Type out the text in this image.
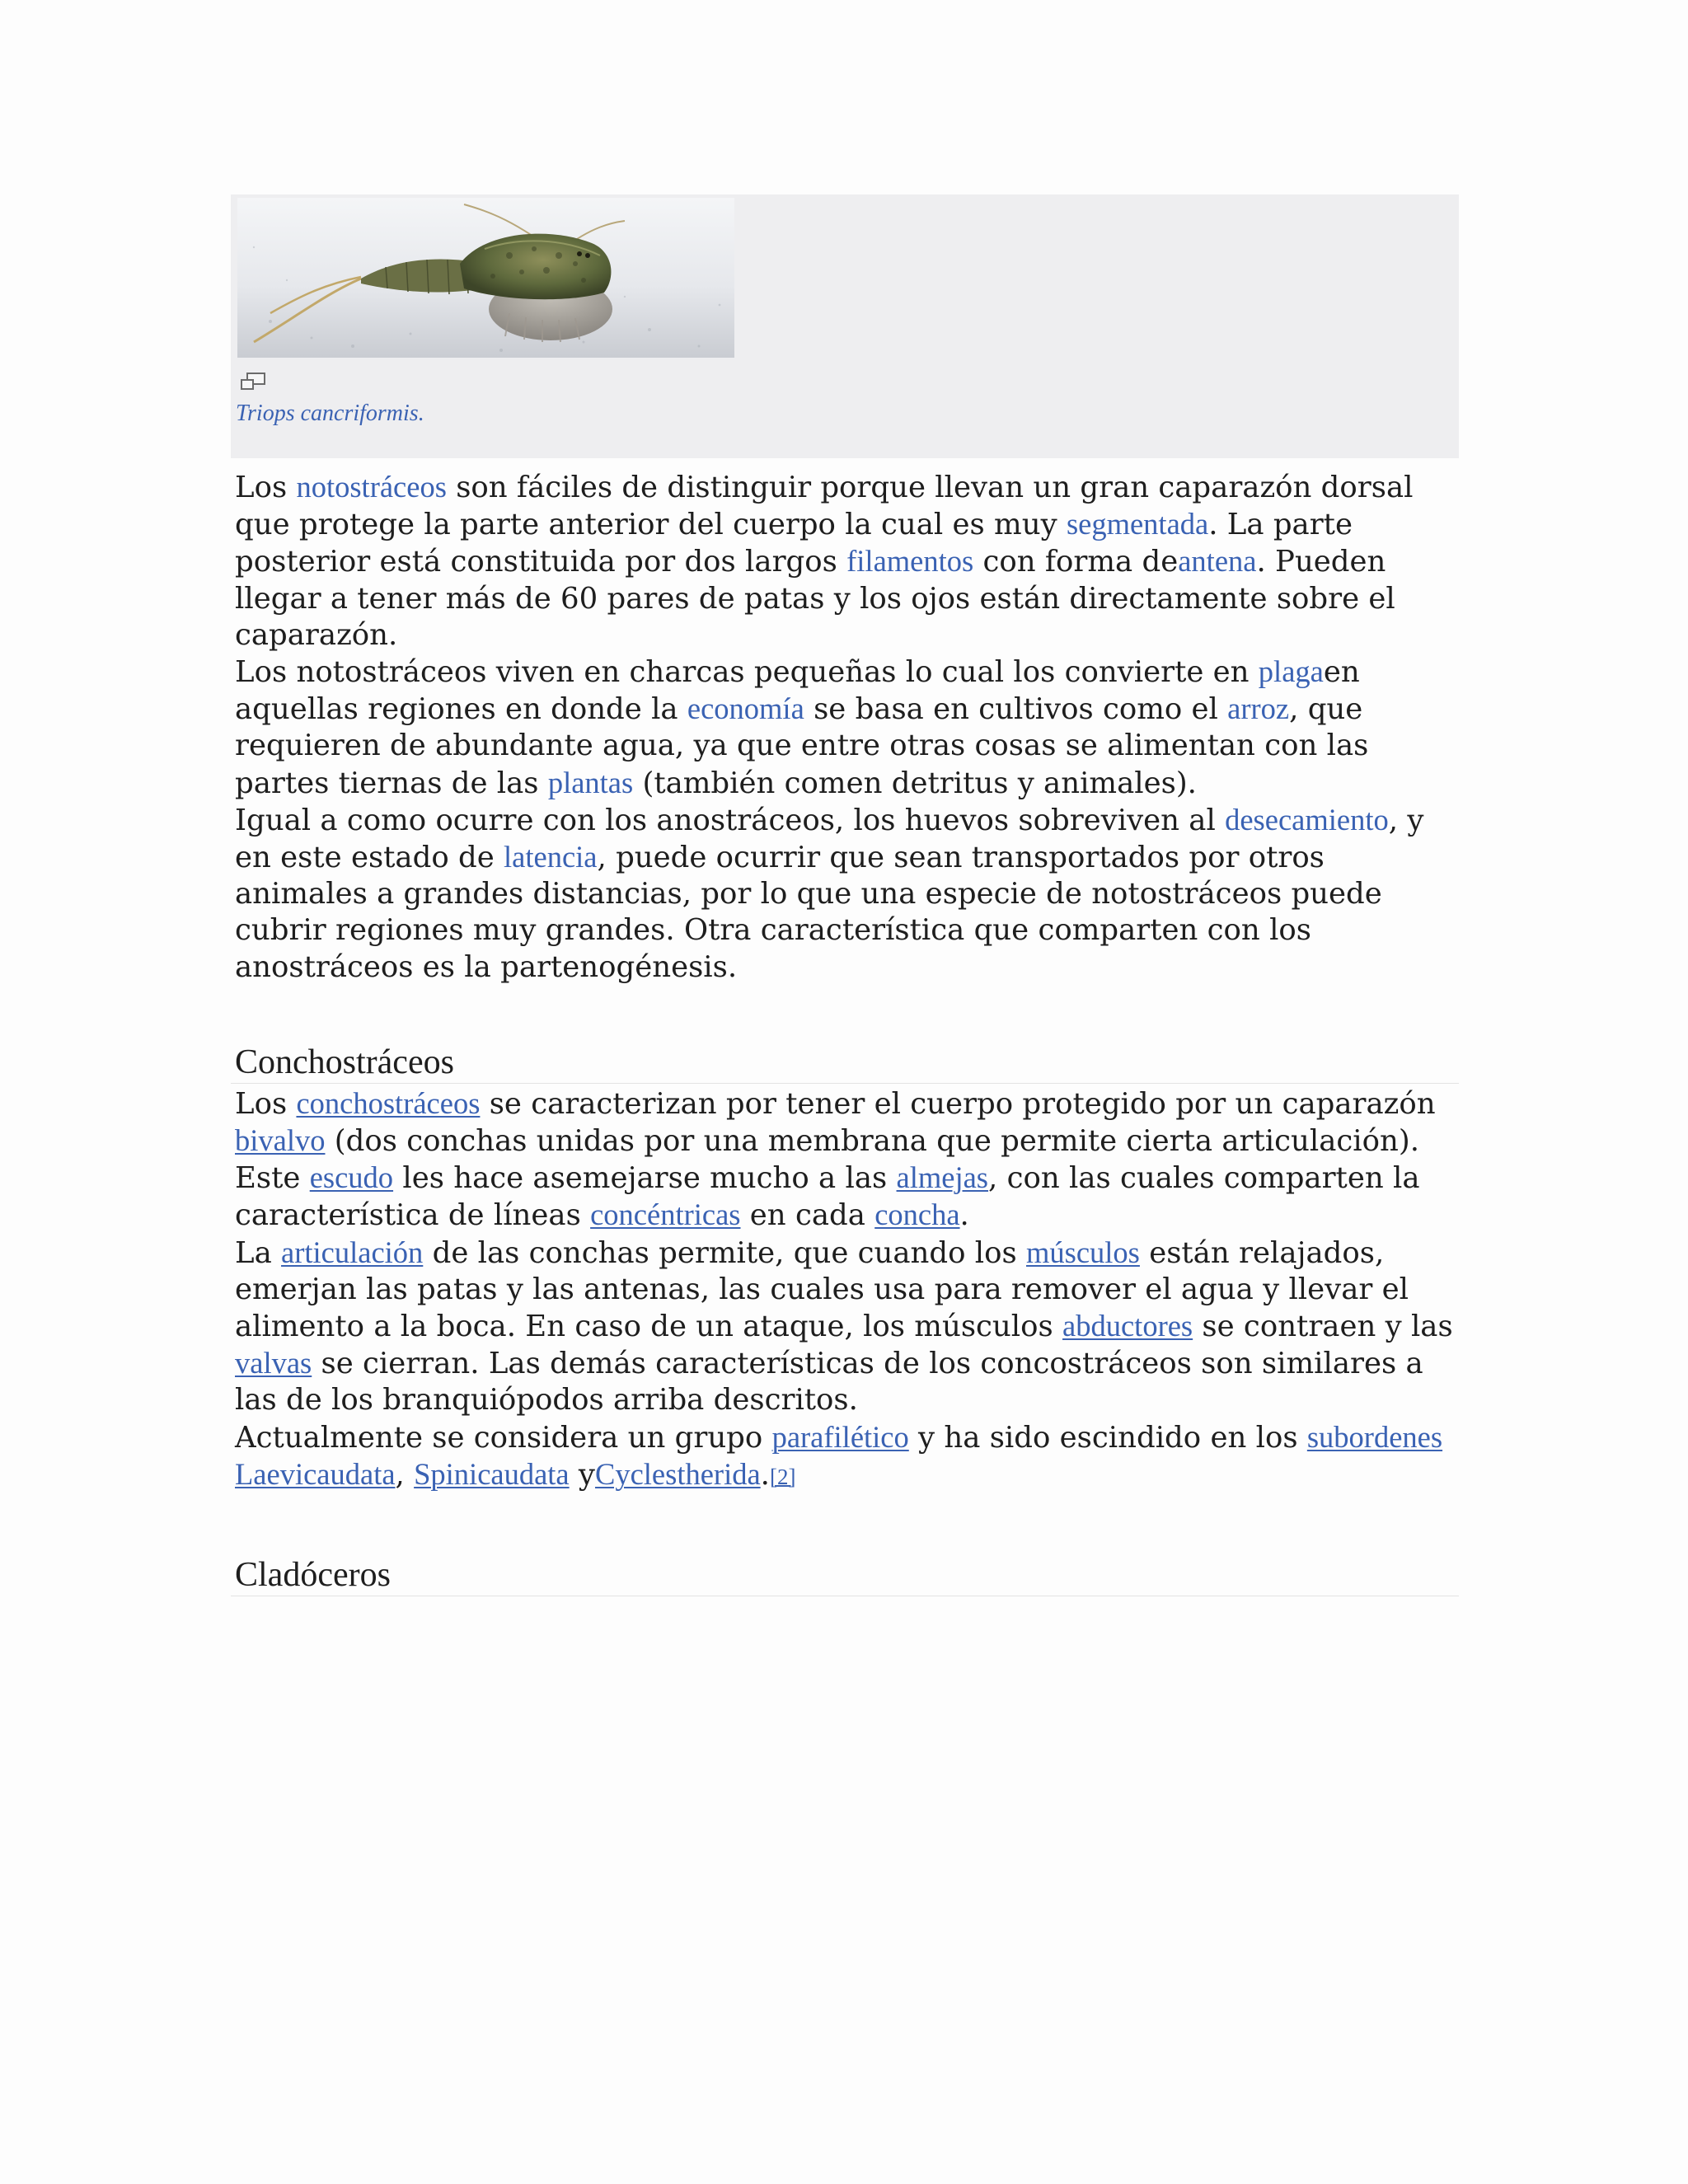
Triops cancriformis.

Los notostráceos son fáciles de distinguir porque llevan un gran caparazón dorsal que protege la parte anterior del cuerpo la cual es muy segmentada. La parte posterior está constituida por dos largos filamentos con forma deantena. Pueden llegar a tener más de 60 pares de patas y los ojos están directamente sobre el caparazón.

Los notostráceos viven en charcas pequeñas lo cual los convierte en plagaen aquellas regiones en donde la economía se basa en cultivos como el arroz, que requieren de abundante agua, ya que entre otras cosas se alimentan con las partes tiernas de las plantas (también comen detritus y animales).

Igual a como ocurre con los anostráceos, los huevos sobreviven al desecamiento, y en este estado de latencia, puede ocurrir que sean transportados por otros animales a grandes distancias, por lo que una especie de notostráceos puede cubrir regiones muy grandes. Otra característica que comparten con los anostráceos es la partenogénesis.

Conchostráceos

Los conchostráceos se caracterizan por tener el cuerpo protegido por un caparazón bivalvo (dos conchas unidas por una membrana que permite cierta articulación). Este escudo les hace asemejarse mucho a las almejas, con las cuales comparten la característica de líneas concéntricas en cada concha.

La articulación de las conchas permite, que cuando los músculos están relajados, emerjan las patas y las antenas, las cuales usa para remover el agua y llevar el alimento a la boca. En caso de un ataque, los músculos abductores se contraen y las valvas se cierran. Las demás características de los concostráceos son similares a las de los branquiópodos arriba descritos.

Actualmente se considera un grupo parafilético y ha sido escindido en los subordenes Laevicaudata, Spinicaudata yCyclestherida.[2]

Cladóceros
